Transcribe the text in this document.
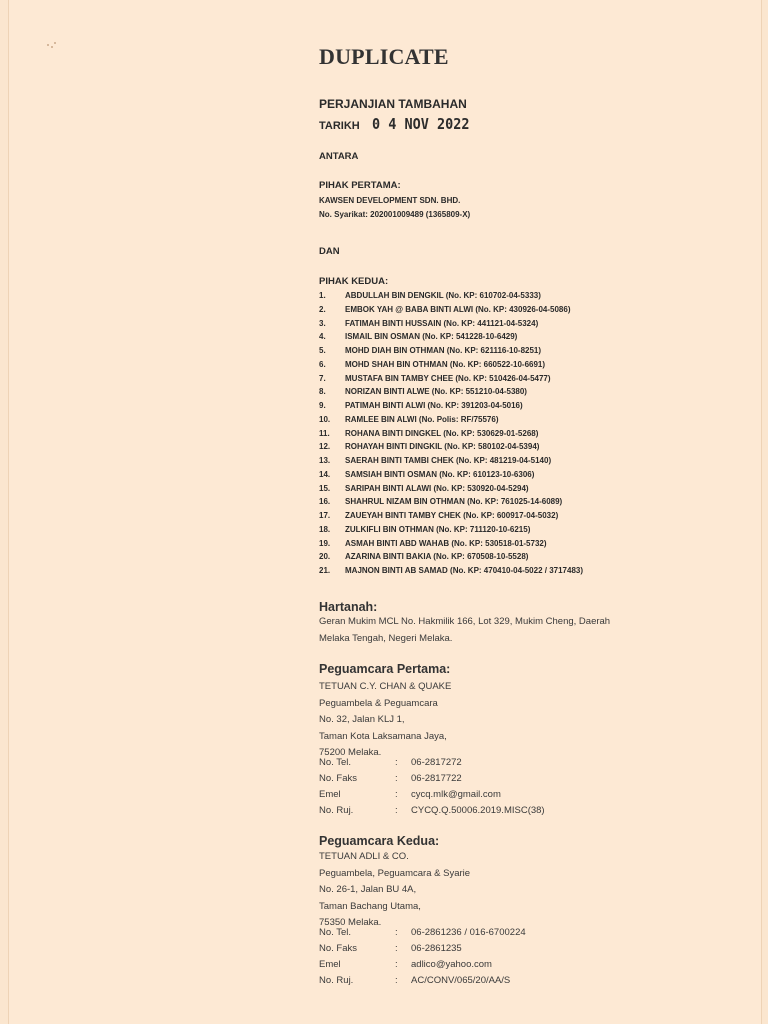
DUPLICATE
PERJANJIAN TAMBAHAN
TARIKH 0 4 NOV 2022
ANTARA
PIHAK PERTAMA:
KAWSEN DEVELOPMENT SDN. BHD.
No. Syarikat: 202001009489 (1365809-X)
DAN
PIHAK KEDUA:
1.	ABDULLAH BIN DENGKIL (No. KP: 610702-04-5333)
2.	EMBOK YAH @ BABA BINTI ALWI (No. KP: 430926-04-5086)
3.	FATIMAH BINTI HUSSAIN (No. KP: 441121-04-5324)
4.	ISMAIL BIN OSMAN (No. KP: 541228-10-6429)
5.	MOHD DIAH BIN OTHMAN (No. KP: 621116-10-8251)
6.	MOHD SHAH BIN OTHMAN (No. KP: 660522-10-6691)
7.	MUSTAFA BIN TAMBY CHEE (No. KP: 510426-04-5477)
8.	NORIZAN BINTI ALWE (No. KP: 551210-04-5380)
9.	PATIMAH BINTI ALWI (No. KP: 391203-04-5016)
10.	RAMLEE BIN ALWI (No. Polis: RF/75576)
11.	ROHANA BINTI DINGKEL (No. KP: 530629-01-5268)
12.	ROHAYAH BINTI DINGKIL (No. KP: 580102-04-5394)
13.	SAERAH BINTI TAMBI CHEK (No. KP: 481219-04-5140)
14.	SAMSIAH BINTI OSMAN (No. KP: 610123-10-6306)
15.	SARIPAH BINTI ALAWI (No. KP: 530920-04-5294)
16.	SHAHRUL NIZAM BIN OTHMAN (No. KP: 761025-14-6089)
17.	ZAUEYAH BINTI TAMBY CHEK (No. KP: 600917-04-5032)
18.	ZULKIFLI BIN OTHMAN (No. KP: 711120-10-6215)
19.	ASMAH BINTI ABD WAHAB (No. KP: 530518-01-5732)
20.	AZARINA BINTI BAKIA (No. KP: 670508-10-5528)
21.	MAJNON BINTI AB SAMAD (No. KP: 470410-04-5022 / 3717483)
Hartanah:
Geran Mukim MCL No. Hakmilik 166, Lot 329, Mukim Cheng, Daerah
Melaka Tengah, Negeri Melaka.
Peguamcara Pertama:
TETUAN C.Y. CHAN & QUAKE
Peguambela & Peguamcara
No. 32, Jalan KLJ 1,
Taman Kota Laksamana Jaya,
75200 Melaka.
No. Tel.	:	06-2817272
No. Faks	:	06-2817722
Emel	:	cycq.mlk@gmail.com
No. Ruj.	:	CYCQ.Q.50006.2019.MISC(38)
Peguamcara Kedua:
TETUAN ADLI & CO.
Peguambela, Peguamcara & Syarie
No. 26-1, Jalan BU 4A,
Taman Bachang Utama,
75350 Melaka.
No. Tel.	:	06-2861236 / 016-6700224
No. Faks	:	06-2861235
Emel	:	adlico@yahoo.com
No. Ruj.	:	AC/CONV/065/20/AA/S
